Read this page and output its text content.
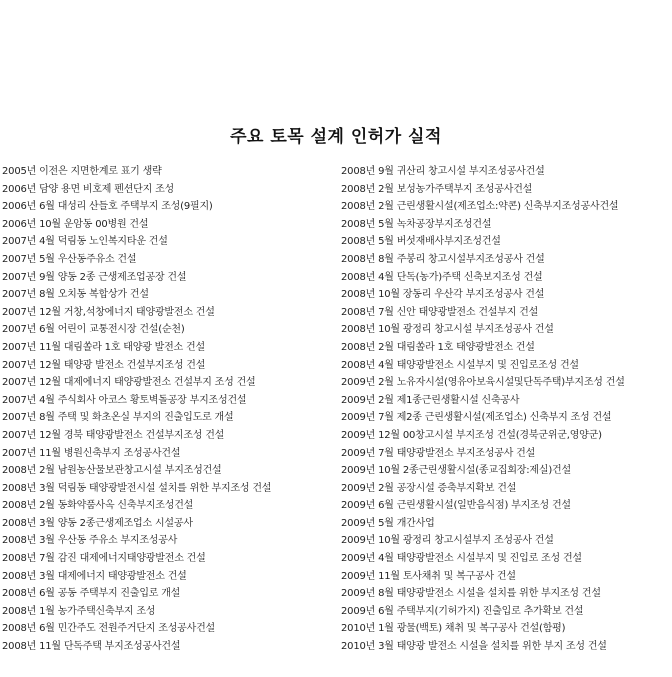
주요 토목 설계 인허가 실적
2005년 이전은 지면한계로 표기 생략
2006년 담양 용면 비호제 펜션단지 조성
2006년 6월 대성리 산들호 주택부지 조성(9필지)
2006년 10월 운암동 00병원 건설
2007년 4월 덕림동 노인복지타운 건설
2007년 5월 우산동주유소 건설
2007년 9월 양동 2종 근생제조업공장 건설
2007년 8월 오치동 복합상가 건설
2007년 12월 거창,석창에너지 태양광발전소 건설
2007년 6월 어린이 교통전시장 건설(순천)
2007년 11월 대림쏠라 1호 태양광 발전소 건설
2007년 12월 태양광 발전소 건설부지조성 건설
2007년 12월 대제에너지 태양광발전소 건설부지 조성 건설
2007년 4월 주식회사 아코스 황토벽돌공장 부지조성건설
2007년 8월 주택 및 화초온실 부지의 진출입도로 개설
2007년 12월 경북 태양광발전소 건설부지조성 건설
2007년 11월 병원신축부지 조성공사건설
2008년 2월 남원농산물보관창고시설 부지조성건설
2008년 3월 덕림동 태양광발전시설 설치를 위한 부지조성 건설
2008년 2월 동화약품사옥 신축부지조성건설
2008년 3월 양동 2종근생제조업소 시설공사
2008년 3월 우산동 주유소 부지조성공사
2008년 7월 감진 대제에너지태양광발전소 건설
2008년 3월 대제에너지 태양광발전소 건설
2008년 6월 공동 주택부지 진출입로 개설
2008년 1월 농가주택신축부지 조성
2008년 6월 민간주도 전원주거단지 조성공사건설
2008년 11월 단독주택 부지조성공사건설
2008년 9월 귀산리 창고시설 부지조성공사건설
2008년 2월 보성농가주택부지 조성공사건설
2008년 2월 근린생활시설(제조업소:약콘) 신축부지조성공사건설
2008년 5월 녹차공장부지조성건설
2008년 5월 버섯재배사부지조성건설
2008년 8월 주봉리 창고시설부지조성공사 건설
2008년 4월 단독(농가)주택 신축보지조성 건설
2008년 10월 장동리 우산각 부지조성공사 건설
2008년 7월 신안 태양광발전소 건설부지 건설
2008년 10월 광정리 창고시설 부지조성공사 건설
2008년 2월 대림쏠라 1호 태양광발전소 건설
2008년 4월 태양광발전소 시설부지 및 진입로조성 건설
2009년 2월 노유자시설(영유아보육시설및단독주택)부지조성 건설
2009년 2월 제1종근린생활시설 신축공사
2009년 7월 제2종 근린생활시설(제조업소) 신축부지 조성 건설
2009년 12월 00창고시설 부지조성 건설(경북군위군,영양군)
2009년 7월 태양광발전소 부지조성공사 건설
2009년 10월 2종근린생활시설(종교집회장:제실)건설
2009년 2월 공장시설 증축부지확보 건설
2009년 6월 근린생활시설(일반음식점) 부지조성 건설
2009년 5월 개간사업
2009년 10월 광정리 창고시설부지 조성공사 건설
2009년 4월 태양광발전소 시설부지 및 진입로 조성 건설
2009년 11월 토사채취 및 복구공사 건설
2009년 8월 태양광발전소 시설을 설치를 위한 부지조성 건설
2009년 6월 주택부지(기허가지) 진출입로 추가확보 건설
2010년 1월 광물(백토) 채취 및 복구공사 건설(함평)
2010년 3월 태양광 발전소 시설을 설치를 위한 부지 조성 건설
